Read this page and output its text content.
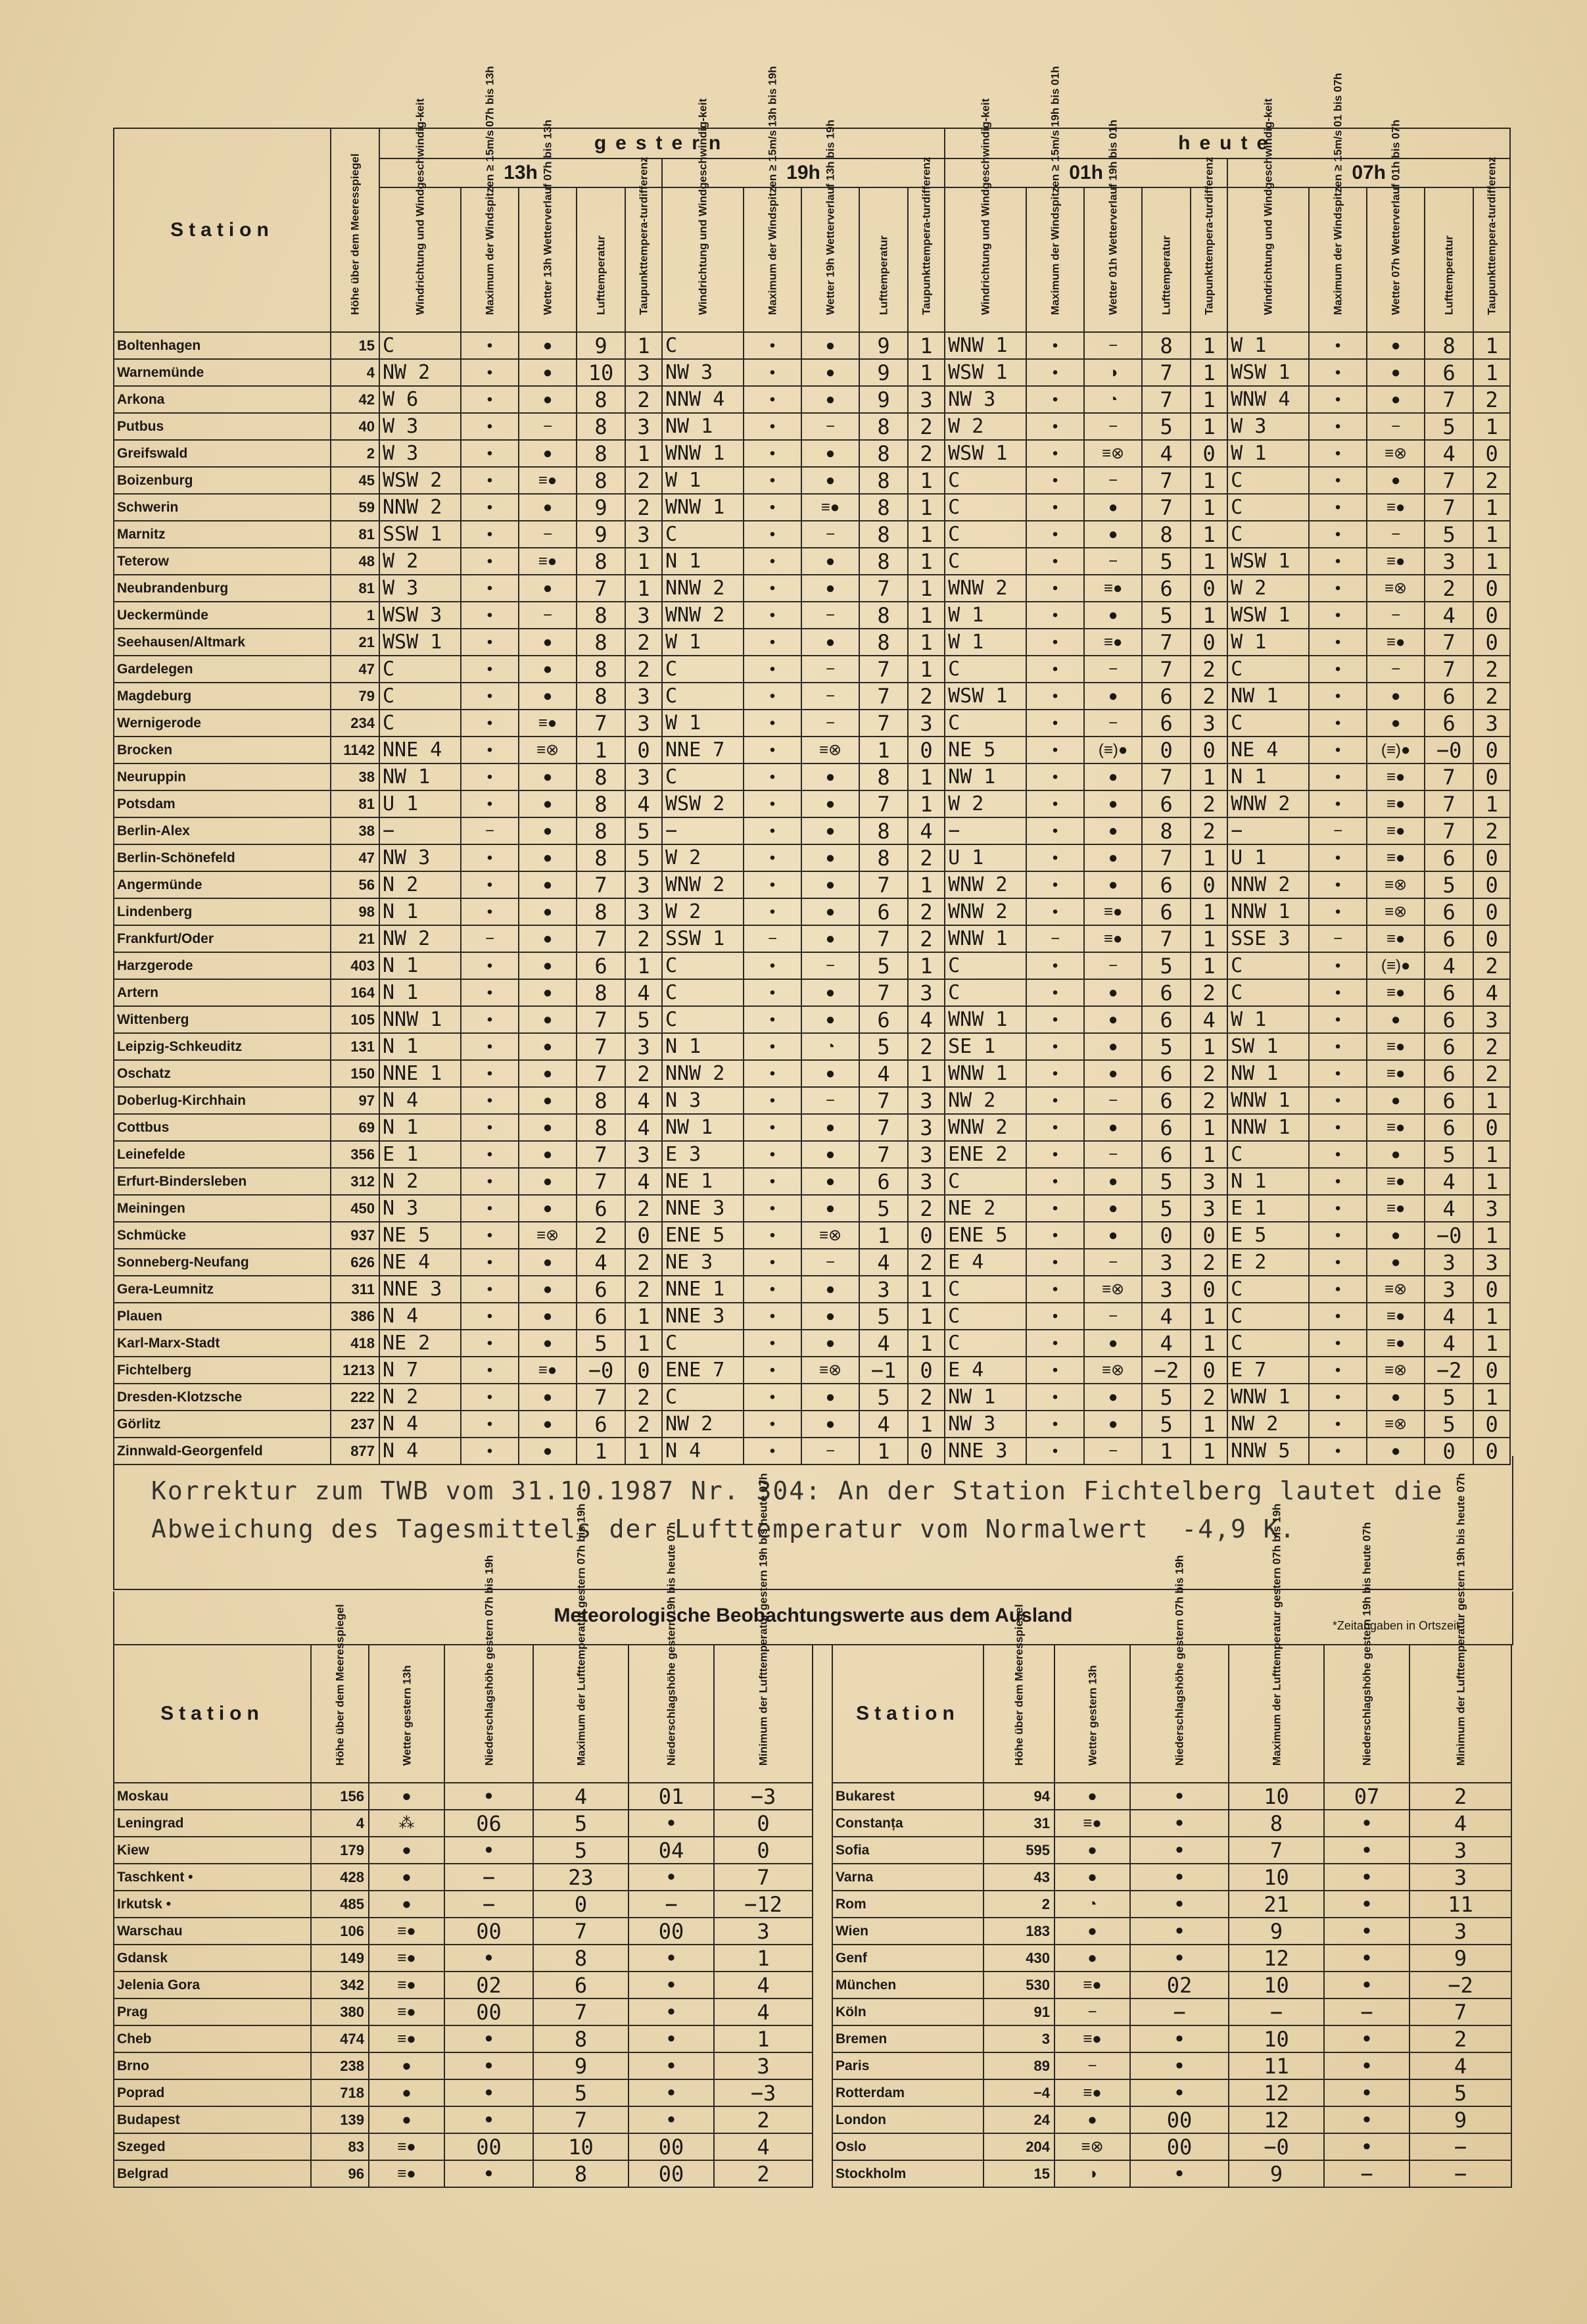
Station	Höhe über dem Meeresspiegel	gestern										heute									
		13h					19h					01h					07h				

		Windrichtung und Windgeschwindig-keit	Maximum der Windspitzen ≥ 15m/s 07h bis 13h	Wetter 13h Wetterverlauf 07h bis 13h	Lufttemperatur	Taupunkttempera-turdifferenz	Windrichtung und Windgeschwindig-keit	Maximum der Windspitzen ≥ 15m/s 13h bis 19h	Wetter 19h Wetterverlauf 13h bis 19h	Lufttemperatur	Taupunkttempera-turdifferenz	Windrichtung und Windgeschwindig-keit	Maximum der Windspitzen ≥ 15m/s 19h bis 01h	Wetter 01h Wetterverlauf 19h bis 01h	Lufttemperatur	Taupunkttempera-turdifferenz	Windrichtung und Windgeschwindig-keit	Maximum der Windspitzen ≥ 15m/s 01 bis 07h	Wetter 07h Wetterverlauf 01h bis 07h	Lufttemperatur	Taupunkttempera-turdifferenz

Boltenhagen	15	C	•	●	9	1	C	•	●	9	1	WNW 1	•	−	8	1	W 1	•	●	8	1
Warnemünde	4	NW 2	•	●	10	3	NW 3	•	●	9	1	WSW 1	•	◑	7	1	WSW 1	•	●	6	1
Arkona	42	W 6	•	●	8	2	NNW 4	•	●	9	3	NW 3	•	◔	7	1	WNW 4	•	●	7	2
Putbus	40	W 3	•	−	8	3	NW 1	•	−	8	2	W 2	•	−	5	1	W 3	•	−	5	1
Greifswald	2	W 3	•	●	8	1	WNW 1	•	●	8	2	WSW 1	•	≡⊗	4	0	W 1	•	≡⊗	4	0
Boizenburg	45	WSW 2	•	≡●	8	2	W 1	•	●	8	1	C	•	−	7	1	C	•	●	7	2
Schwerin	59	NNW 2	•	●	9	2	WNW 1	•	≡●	8	1	C	•	●	7	1	C	•	≡●	7	1
Marnitz	81	SSW 1	•	−	9	3	C	•	−	8	1	C	•	●	8	1	C	•	−	5	1
Teterow	48	W 2	•	≡●	8	1	N 1	•	●	8	1	C	•	−	5	1	WSW 1	•	≡●	3	1
Neubrandenburg	81	W 3	•	●	7	1	NNW 2	•	●	7	1	WNW 2	•	≡●	6	0	W 2	•	≡⊗	2	0
Ueckermünde	1	WSW 3	•	−	8	3	WNW 2	•	−	8	1	W 1	•	●	5	1	WSW 1	•	−	4	0
Seehausen/Altmark	21	WSW 1	•	●	8	2	W 1	•	●	8	1	W 1	•	≡●	7	0	W 1	•	≡●	7	0
Gardelegen	47	C	•	●	8	2	C	•	−	7	1	C	•	−	7	2	C	•	−	7	2
Magdeburg	79	C	•	●	8	3	C	•	−	7	2	WSW 1	•	●	6	2	NW 1	•	●	6	2
Wernigerode	234	C	•	≡●	7	3	W 1	•	−	7	3	C	•	−	6	3	C	•	●	6	3
Brocken	1142	NNE 4	•	≡⊗	1	0	NNE 7	•	≡⊗	1	0	NE 5	•	(≡)●	0	0	NE 4	•	(≡)●	−0	0
Neuruppin	38	NW 1	•	●	8	3	C	•	●	8	1	NW 1	•	●	7	1	N 1	•	≡●	7	0
Potsdam	81	U 1	•	●	8	4	WSW 2	•	●	7	1	W 2	•	●	6	2	WNW 2	•	≡●	7	1
Berlin-Alex	38	−	−	●	8	5	−	•	●	8	4	−	•	●	8	2	−	−	≡●	7	2
Berlin-Schönefeld	47	NW 3	•	●	8	5	W 2	•	●	8	2	U 1	•	●	7	1	U 1	•	≡●	6	0
Angermünde	56	N 2	•	●	7	3	WNW 2	•	●	7	1	WNW 2	•	●	6	0	NNW 2	•	≡⊗	5	0
Lindenberg	98	N 1	•	●	8	3	W 2	•	●	6	2	WNW 2	•	≡●	6	1	NNW 1	•	≡⊗	6	0
Frankfurt/Oder	21	NW 2	−	●	7	2	SSW 1	−	●	7	2	WNW 1	−	≡●	7	1	SSE 3	−	≡●	6	0
Harzgerode	403	N 1	•	●	6	1	C	•	−	5	1	C	•	−	5	1	C	•	(≡)●	4	2
Artern	164	N 1	•	●	8	4	C	•	●	7	3	C	•	●	6	2	C	•	≡●	6	4
Wittenberg	105	NNW 1	•	●	7	5	C	•	●	6	4	WNW 1	•	●	6	4	W 1	•	●	6	3
Leipzig-Schkeuditz	131	N 1	•	●	7	3	N 1	•	◔	5	2	SE 1	•	●	5	1	SW 1	•	≡●	6	2
Oschatz	150	NNE 1	•	●	7	2	NNW 2	•	●	4	1	WNW 1	•	●	6	2	NW 1	•	≡●	6	2
Doberlug-Kirchhain	97	N 4	•	●	8	4	N 3	•	−	7	3	NW 2	•	−	6	2	WNW 1	•	●	6	1
Cottbus	69	N 1	•	●	8	4	NW 1	•	●	7	3	WNW 2	•	●	6	1	NNW 1	•	≡●	6	0
Leinefelde	356	E 1	•	●	7	3	E 3	•	●	7	3	ENE 2	•	−	6	1	C	•	●	5	1
Erfurt-Bindersleben	312	N 2	•	●	7	4	NE 1	•	●	6	3	C	•	●	5	3	N 1	•	≡●	4	1
Meiningen	450	N 3	•	●	6	2	NNE 3	•	●	5	2	NE 2	•	●	5	3	E 1	•	≡●	4	3
Schmücke	937	NE 5	•	≡⊗	2	0	ENE 5	•	≡⊗	1	0	ENE 5	•	●	0	0	E 5	•	●	−0	1
Sonneberg-Neufang	626	NE 4	•	●	4	2	NE 3	•	−	4	2	E 4	•	−	3	2	E 2	•	●	3	3
Gera-Leumnitz	311	NNE 3	•	●	6	2	NNE 1	•	●	3	1	C	•	≡⊗	3	0	C	•	≡⊗	3	0
Plauen	386	N 4	•	●	6	1	NNE 3	•	●	5	1	C	•	−	4	1	C	•	≡●	4	1
Karl-Marx-Stadt	418	NE 2	•	●	5	1	C	•	●	4	1	C	•	●	4	1	C	•	≡●	4	1
Fichtelberg	1213	N 7	•	≡●	−0	0	ENE 7	•	≡⊗	−1	0	E 4	•	≡⊗	−2	0	E 7	•	≡⊗	−2	0
Dresden-Klotzsche	222	N 2	•	●	7	2	C	•	●	5	2	NW 1	•	●	5	2	WNW 1	•	●	5	1
Görlitz	237	N 4	•	●	6	2	NW 2	•	●	4	1	NW 3	•	●	5	1	NW 2	•	≡⊗	5	0
Zinnwald-Georgenfeld	877	N 4	•	●	1	1	N 4	•	−	1	0	NNE 3	•	−	1	1	NNW 5	•	●	0	0
Korrektur zum TWB vom 31.10.1987 Nr. 304: An der Station Fichtelberg lautet die
Abweichung des Tagesmittels der Lufttemperatur vom Normalwert  -4,9 K.
Meteorologische Beobachtungswerte aus dem Ausland	*Zeitangaben in Ortszeit
Station	Höhe über dem Meeresspiegel	Wetter gestern 13h	Niederschlagshöhe gestern 07h bis 19h	Maximum der Lufttemperatur gestern 07h bis 19h	Niederschlagshöhe gestern 19h bis heute 07h	Minimum der Lufttemperatur gestern 19h bis heute 07h

Moskau	156	●	•	4	01	−3
Leningrad	4	⁂	06	5	•	0
Kiew	179	●	•	5	04	0
Taschkent •	428	●	−	23	•	7
Irkutsk •	485	●	−	0	−	−12
Warschau	106	≡●	00	7	00	3
Gdansk	149	≡●	•	8	•	1
Jelenia Gora	342	≡●	02	6	•	4
Prag	380	≡●	00	7	•	4
Cheb	474	≡●	•	8	•	1
Brno	238	●	•	9	•	3
Poprad	718	●	•	5	•	−3
Budapest	139	●	•	7	•	2
Szeged	83	≡●	00	10	00	4
Belgrad	96	≡●	•	8	00	2
Station	Höhe über dem Meeresspiegel	Wetter gestern 13h	Niederschlagshöhe gestern 07h bis 19h	Maximum der Lufttemperatur gestern 07h bis 19h	Niederschlagshöhe gestern 19h bis heute 07h	Minimum der Lufttemperatur gestern 19h bis heute 07h

Bukarest	94	●	•	10	07	2
Constanța	31	≡●	•	8	•	4
Sofia	595	●	•	7	•	3
Varna	43	●	•	10	•	3
Rom	2	◔	•	21	•	11
Wien	183	●	•	9	•	3
Genf	430	●	•	12	•	9
München	530	≡●	02	10	•	−2
Köln	91	−	−	−	−	7
Bremen	3	≡●	•	10	•	2
Paris	89	−	•	11	•	4
Rotterdam	−4	≡●	•	12	•	5
London	24	●	00	12	•	9
Oslo	204	≡⊗	00	−0	•	−
Stockholm	15	◑	•	9	−	−
